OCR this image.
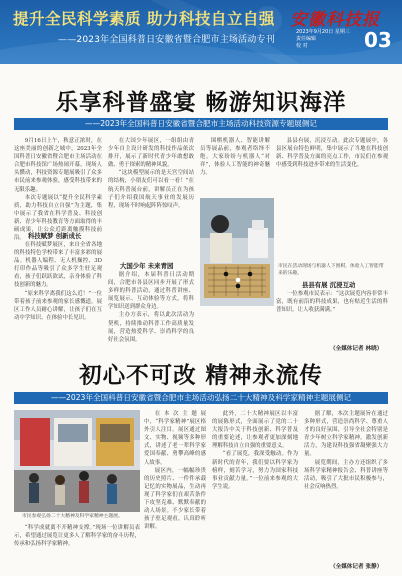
提升全民科学素质 助力科技自立自强
——2023年全国科普日安徽省暨合肥市主场活动专刊
安徽科技报
2023年9月20日 星期三
责任编辑
校 对	03
乐享科普盛宴 畅游知识海洋
——2023年全国科普日安徽省暨合肥市主场活动科技资源专题展侧记

9月16日上午，秋意正浓时，在这座美丽的创新之城中，2023年全国科普日安徽省暨合肥市主场活动在合肥市科技馆广场热闹开幕。现场人头攒动，科技资源专题展吸引了众多市民前来参观体验，感受科技带来的无限乐趣。

本次专题展以“提升全民科学素质，助力科技自立自强”为主题，集中展示了我省在科学普及、科技创新、青少年科技教育等方面取得的丰硕成果，让公众近距离触摸科技前沿。 科技赋梦 创新成长

在科技赋梦展区，来自全省各地的科技特色学校带来了丰富多彩的展品。机器人编程、无人机操控、3D打印作品等吸引了众多学生驻足观看，孩子们跃跃欲试，亲身体验了科技创新的魅力。

“原来科学离我们这么近！”一位带着孩子前来参观的家长感慨道。展区工作人员耐心讲解，让孩子们在互动中学知识、在体验中长见识。

在大国少年展区，一组组由青少年自主设计研发的科技作品依次排开，展示了新时代青少年敢想敢做、勇于探索的精神风貌。

“这块模型展示的是天宫空间站的结构，小朋友们可以看一看！”在航天科普展台前，讲解员正在为孩子们介绍我国航天事业的发展历程，现场不时响起阵阵惊叹声。

大国少年 未来青园

据介绍，本届科普日活动期间，合肥市各县区同步开展了形式多样的科普活动，通过科普讲座、展览展示、互动体验等方式，将科学知识送到群众身边。

主办方表示，将以此次活动为契机，持续推动科普工作高质量发展，营造热爱科学、崇尚科学的良好社会氛围。

围棋机器人、智能讲解员等展品前，参观者络绎不绝。大家纷纷与机器人“对弈”，体验人工智能的神奇魅力。

市民在活动现场与机器人下围棋，体验人工智能带来的乐趣。

县县有展，沉浸互动。此次专题展中，各县区展台特色鲜明，集中展示了当地在科技创新、科学普及方面的亮点工作，市民们在参观中感受到科技进步带来的生活变化。

县县有展 沉浸互动

一位参观市民表示：“这次展览内容非常丰富，既有前沿的科技成果，也有贴近生活的科普知识，让人收获满满。”

（全媒体记者 林晓）
初心不可改 精神永流传
——2023年全国科普日安徽省暨合肥市主场活动弘扬二十大精神及科学家精神主题展侧记
市民参观弘扬二十大精神及科学家精神主题展。

“科学成就离不开精神支撑。”现场一位讲解员表示，希望通过展览让更多人了解科学家的奋斗历程，传承和弘扬科学家精神。

在本次主题展中，“科学家精神”展区格外引人注目。展区通过图文、实物、视频等多种形式，讲述了老一辈科学家爱国奉献、勇攀高峰的感人故事。

展区内，一幅幅珍贵的历史照片、一件件承载记忆的实物展品，生动再现了科学家们在艰苦条件下攻坚克难、默默奉献的动人场景。不少家长带着孩子驻足观看，认真聆听讲解。

此外，二十大精神展区以丰富的展陈形式，全面展示了党的二十大报告中关于科技创新、科学普及的重要论述，让参观者更加深刻地理解科技自立自强的重要意义。

“看了展览，我深受触动。作为新时代的青年，我们要以科学家为榜样，刻苦学习，努力为国家科技事业贡献力量。”一位前来参观的大学生说。

据了解，本次主题展旨在通过多种形式，营造崇尚科学、尊重人才的良好氛围，引导全社会特别是青少年树立科学家精神，激发创新活力，为建设科技强省凝聚强大力量。

展览期间，主办方还组织了多场科学家精神报告会、科普讲座等活动，吸引了大批市民积极参与，社会反响热烈。

（全媒体记者 张静）
